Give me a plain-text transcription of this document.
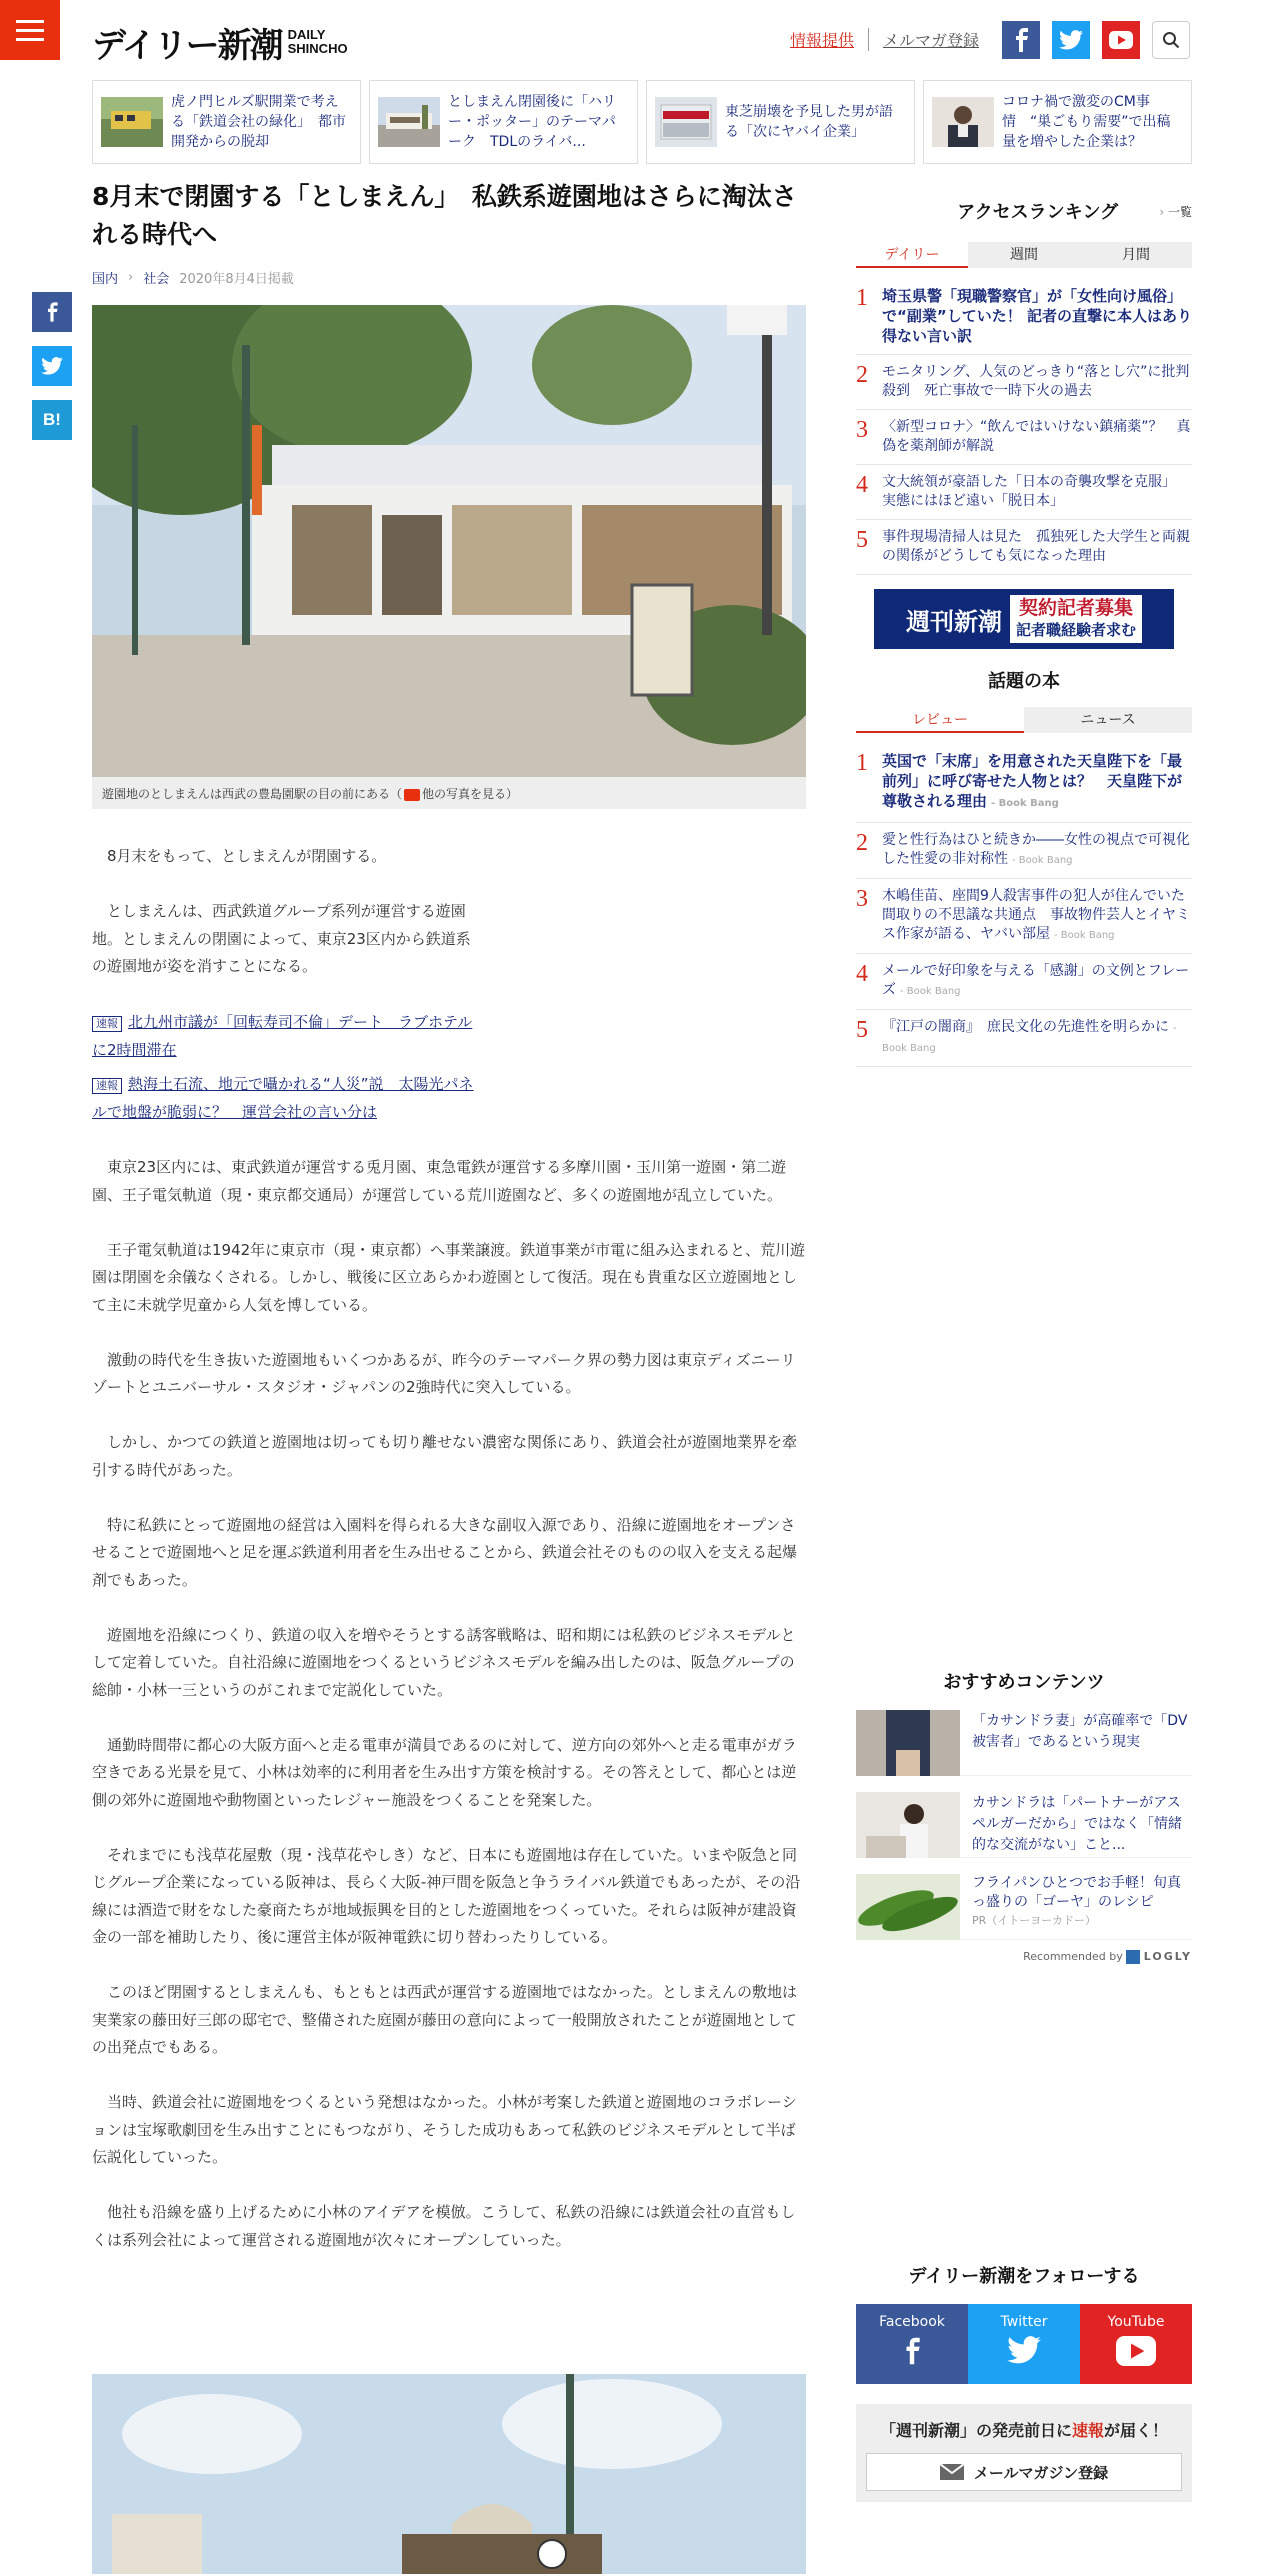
デイリー新潮 DAILY
SHINCHO	情報提供	メルマガ登録
虎ノ門ヒルズ駅開業で考える「鉄道会社の緑化」　都市開発からの脱却
としまえん閉園後に「ハリー・ポッター」のテーマパーク　TDLのライバ...
東芝崩壊を予見した男が語る「次にヤバイ企業」
コロナ禍で激変のCM事情　“巣ごもり需要”で出稿量を増やした企業は？
B!
8月末で閉園する「としまえん」　私鉄系遊園地はさらに淘汰される時代へ
国内 › 社会 2020年8月4日掲載
遊園地のとしまえんは西武の豊島園駅の目の前にある（ 他の写真を見る）

8月末をもって、としまえんが閉園する。

としまえんは、西武鉄道グループ系列が運営する遊園地。としまえんの閉園によって、東京23区内から鉄道系の遊園地が姿を消すことになる。

速報 北九州市議が「回転寿司不倫」デート　ラブホテルに2時間滞在
速報 熱海土石流、地元で囁かれる“人災”説　太陽光パネルで地盤が脆弱に？　運営会社の言い分は

東京23区内には、東武鉄道が運営する兎月園、東急電鉄が運営する多摩川園・玉川第一遊園・第二遊園、王子電気軌道（現・東京都交通局）が運営している荒川遊園など、多くの遊園地が乱立していた。

王子電気軌道は1942年に東京市（現・東京都）へ事業譲渡。鉄道事業が市電に組み込まれると、荒川遊園は閉園を余儀なくされる。しかし、戦後に区立あらかわ遊園として復活。現在も貴重な区立遊園地として主に未就学児童から人気を博している。

激動の時代を生き抜いた遊園地もいくつかあるが、昨今のテーマパーク界の勢力図は東京ディズニーリゾートとユニバーサル・スタジオ・ジャパンの2強時代に突入している。

しかし、かつての鉄道と遊園地は切っても切り離せない濃密な関係にあり、鉄道会社が遊園地業界を牽引する時代があった。

特に私鉄にとって遊園地の経営は入園料を得られる大きな副収入源であり、沿線に遊園地をオープンさせることで遊園地へと足を運ぶ鉄道利用者を生み出せることから、鉄道会社そのものの収入を支える起爆剤でもあった。

遊園地を沿線につくり、鉄道の収入を増やそうとする誘客戦略は、昭和期には私鉄のビジネスモデルとして定着していた。自社沿線に遊園地をつくるというビジネスモデルを編み出したのは、阪急グループの総帥・小林一三というのがこれまで定説化していた。

通勤時間帯に都心の大阪方面へと走る電車が満員であるのに対して、逆方向の郊外へと走る電車がガラ空きである光景を見て、小林は効率的に利用者を生み出す方策を検討する。その答えとして、都心とは逆側の郊外に遊園地や動物園といったレジャー施設をつくることを発案した。

それまでにも浅草花屋敷（現・浅草花やしき）など、日本にも遊園地は存在していた。いまや阪急と同じグループ企業になっている阪神は、長らく大阪-神戸間を阪急と争うライバル鉄道でもあったが、その沿線には酒造で財をなした豪商たちが地域振興を目的とした遊園地をつくっていた。それらは阪神が建設資金の一部を補助したり、後に運営主体が阪神電鉄に切り替わったりしている。

このほど閉園するとしまえんも、もともとは西武が運営する遊園地ではなかった。としまえんの敷地は実業家の藤田好三郎の邸宅で、整備された庭園が藤田の意向によって一般開放されたことが遊園地としての出発点でもある。

当時、鉄道会社に遊園地をつくるという発想はなかった。小林が考案した鉄道と遊園地のコラボレーションは宝塚歌劇団を生み出すことにもつながり、そうした成功もあって私鉄のビジネスモデルとして半ば伝説化していった。

他社も沿線を盛り上げるために小林のアイデアを模倣。こうして、私鉄の沿線には鉄道会社の直営もしくは系列会社によって運営される遊園地が次々にオープンしていった。

アクセスランキング	› 一覧
デイリー	週間	月間
1 埼玉県警「現職警察官」が「女性向け風俗」で“副業”していた！ 記者の直撃に本人はあり得ない言い訳
2 モニタリング、人気のどっきり“落とし穴”に批判殺到　死亡事故で一時下火の過去
3 〈新型コロナ〉“飲んではいけない鎮痛薬”？　真偽を薬剤師が解説
4 文大統領が豪語した「日本の奇襲攻撃を克服」　実態にはほど遠い「脱日本」
5 事件現場清掃人は見た　孤独死した大学生と両親の関係がどうしても気になった理由
週刊新潮 契約記者募集
記者職経験者求む
話題の本
レビュー	ニュース
1 英国で「末席」を用意された天皇陛下を「最前列」に呼び寄せた人物とは？　天皇陛下が尊敬される理由 - Book Bang
2 愛と性行為はひと続きか――女性の視点で可視化した性愛の非対称性 - Book Bang
3 木嶋佳苗、座間9人殺害事件の犯人が住んでいた間取りの不思議な共通点　事故物件芸人とイヤミス作家が語る、ヤバい部屋 - Book Bang
4 メールで好印象を与える「感謝」の文例とフレーズ - Book Bang
5 『江戸の闇商』　庶民文化の先進性を明らかに - Book Bang
おすすめコンテンツ
「カサンドラ妻」が高確率で「DV被害者」であるという現実
カサンドラは「パートナーがアスペルガーだから」ではなく「情緒的な交流がない」こと...
フライパンひとつでお手軽！旬真っ盛りの「ゴーヤ」のレシピ
PR（イトーヨーカドー）
Recommended by LOGLY
デイリー新潮をフォローする
Facebook	Twitter	YouTube
「週刊新潮」の発売前日に速報が届く！
メールマガジン登録
